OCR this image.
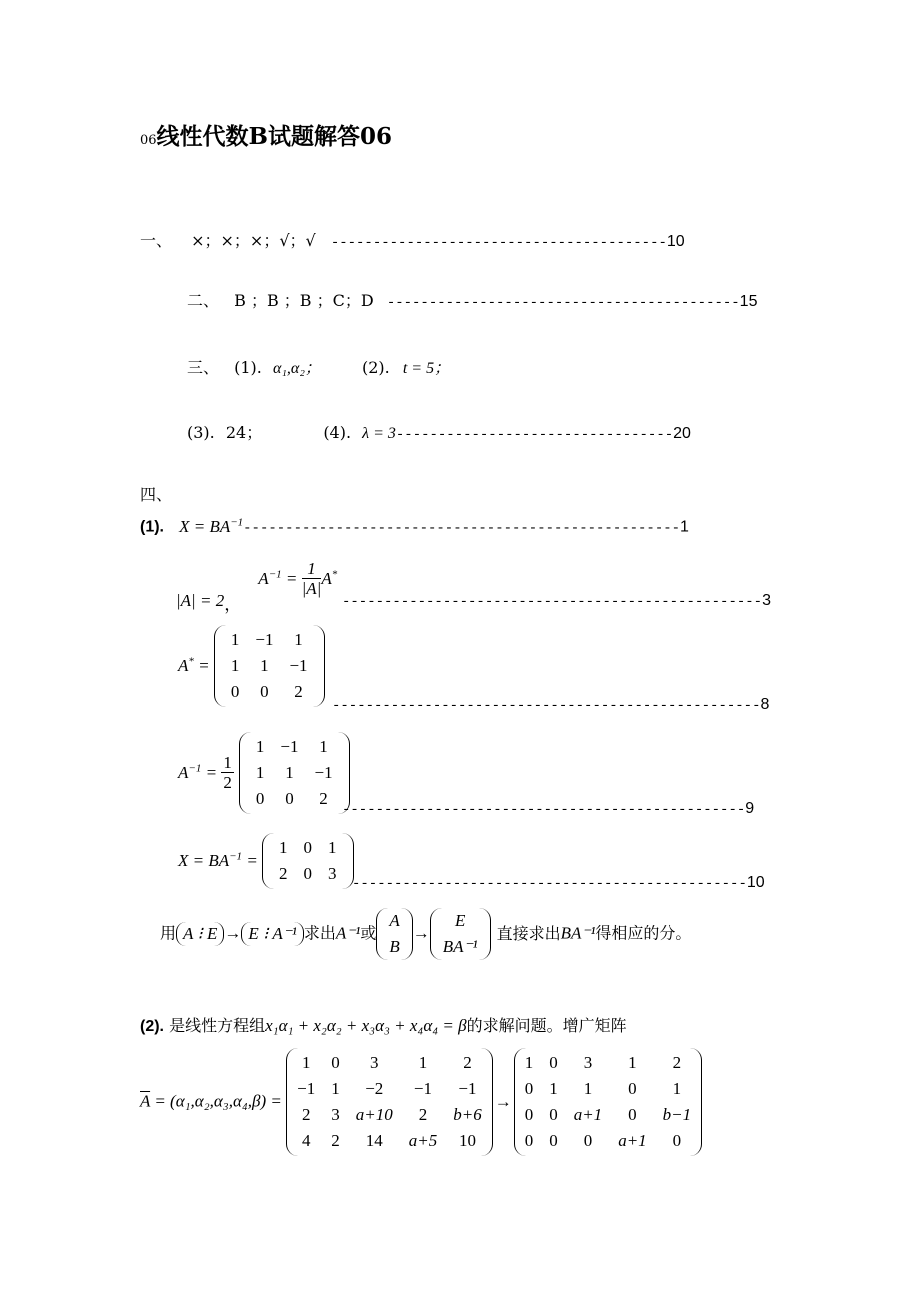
06线性代数B试题解答06
一、 ×；×；×；√；√ ----------------------------------------10
二、 B ；B ；B ；C；D ------------------------------------------15
三、 (1). α₁,α₂；	(2). t = 5；
(3). 24；	(4). λ = 3---------------------------------20
四、
(1). $X = BA^{-1}----------------------------------------------------1$
|A| = 2， $A^{-1} = \frac{1}{|A|} A^*$
--------------------------------------------------3
A* =
1	−1	1
1	1	−1
0	0	2
---------------------------------------------------8
$A^{-1} = \frac{1}{2}$

1	−1	1
1	1	−1
0	0	2
------------------------------------------------9
$X = BA^{-1}$ =
1	0	1
2	0	3
-----------------------------------------------10
用 A ⁝ E → E ⁝ A⁻¹ 求出A⁻¹或
A
B
→
E
BA⁻¹
直接求出BA⁻¹得相应的分。
(2). 是线性方程组x₁α₁ + x₂α₂ + x₃α₃ + x₄α₄ = β的求解问题。增广矩阵
$\overline{A} = (\alpha_1,\alpha_2,\alpha_3,\alpha_4,\beta)$ =
1	0	3	1	2
−1	1	−2	−1	−1
2	3	a+10	2	b+6
4	2	14	a+5	10
→
1	0	3	1	2
0	1	1	0	1
0	0	a+1	0	b−1
0	0	0	a+1	0
